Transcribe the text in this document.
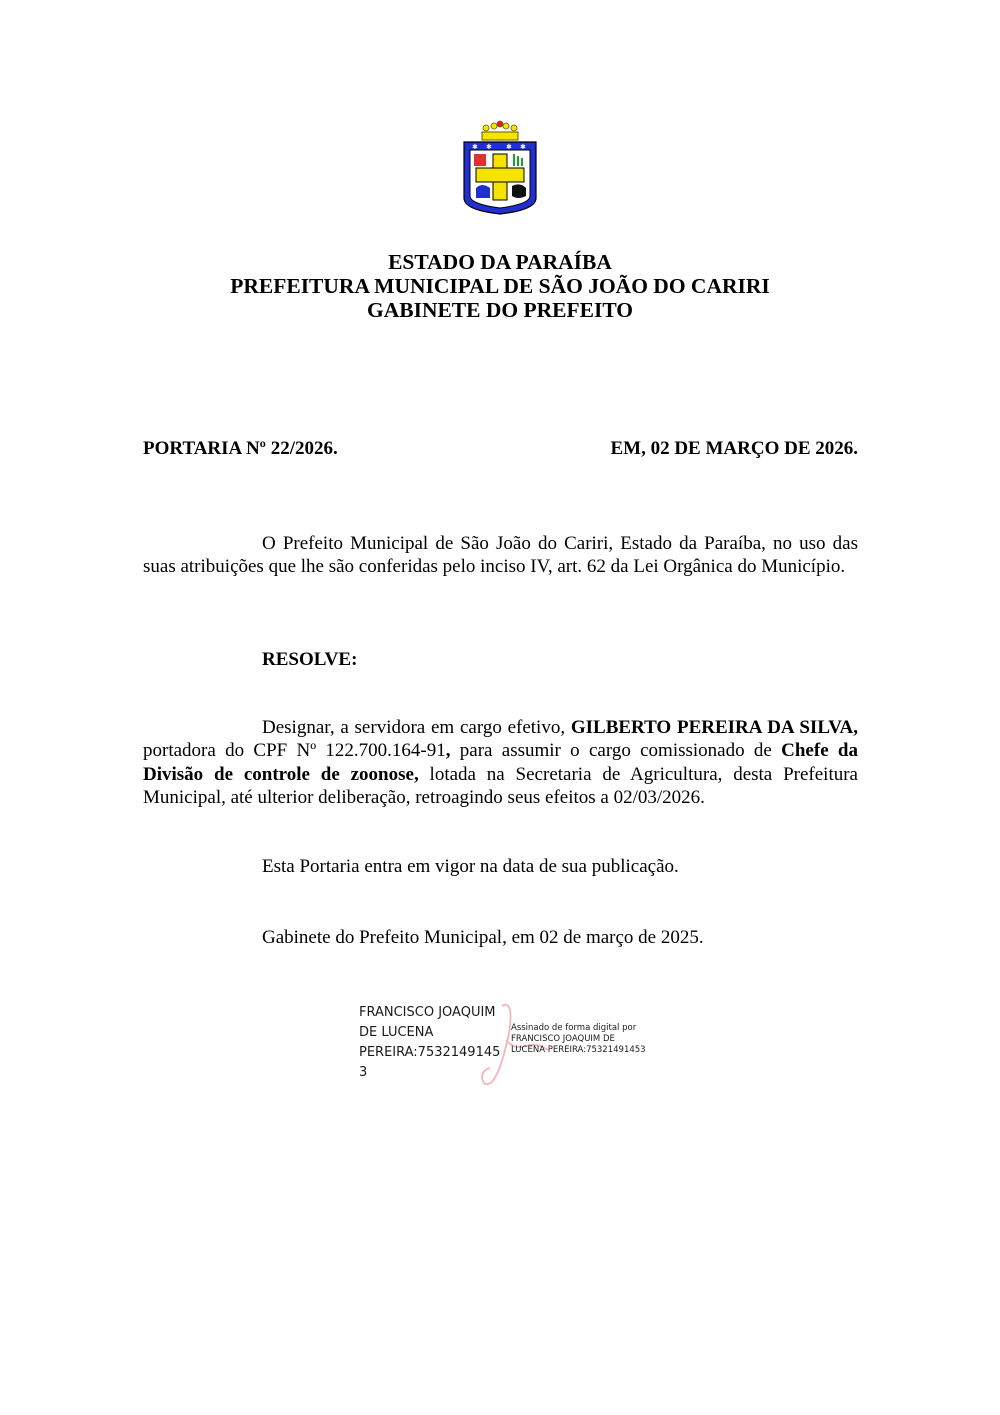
✱ ✱ ✱ ✱
ESTADO DA PARAÍBA
PREFEITURA MUNICIPAL DE SÃO JOÃO DO CARIRI
GABINETE DO PREFEITO
PORTARIA Nº 22/2026.	EM, 02 DE MARÇO DE 2026.
O Prefeito Municipal de São João do Cariri, Estado da Paraíba, no uso das suas atribuições que lhe são conferidas pelo inciso IV, art. 62 da Lei Orgânica do Município.
RESOLVE:
Designar, a servidora em cargo efetivo, GILBERTO PEREIRA DA SILVA, portadora do CPF Nº 122.700.164-91, para assumir o cargo comissionado de Chefe da Divisão de controle de zoonose, lotada na Secretaria de Agricultura, desta Prefeitura Municipal, até ulterior deliberação, retroagindo seus efeitos a 02/03/2026.
Esta Portaria entra em vigor na data de sua publicação.
Gabinete do Prefeito Municipal, em 02 de março de 2025.
FRANCISCO JOAQUIM
DE LUCENA
PEREIRA:7532149145
3
Assinado de forma digital por
FRANCISCO JOAQUIM DE
LUCENA PEREIRA:75321491453
